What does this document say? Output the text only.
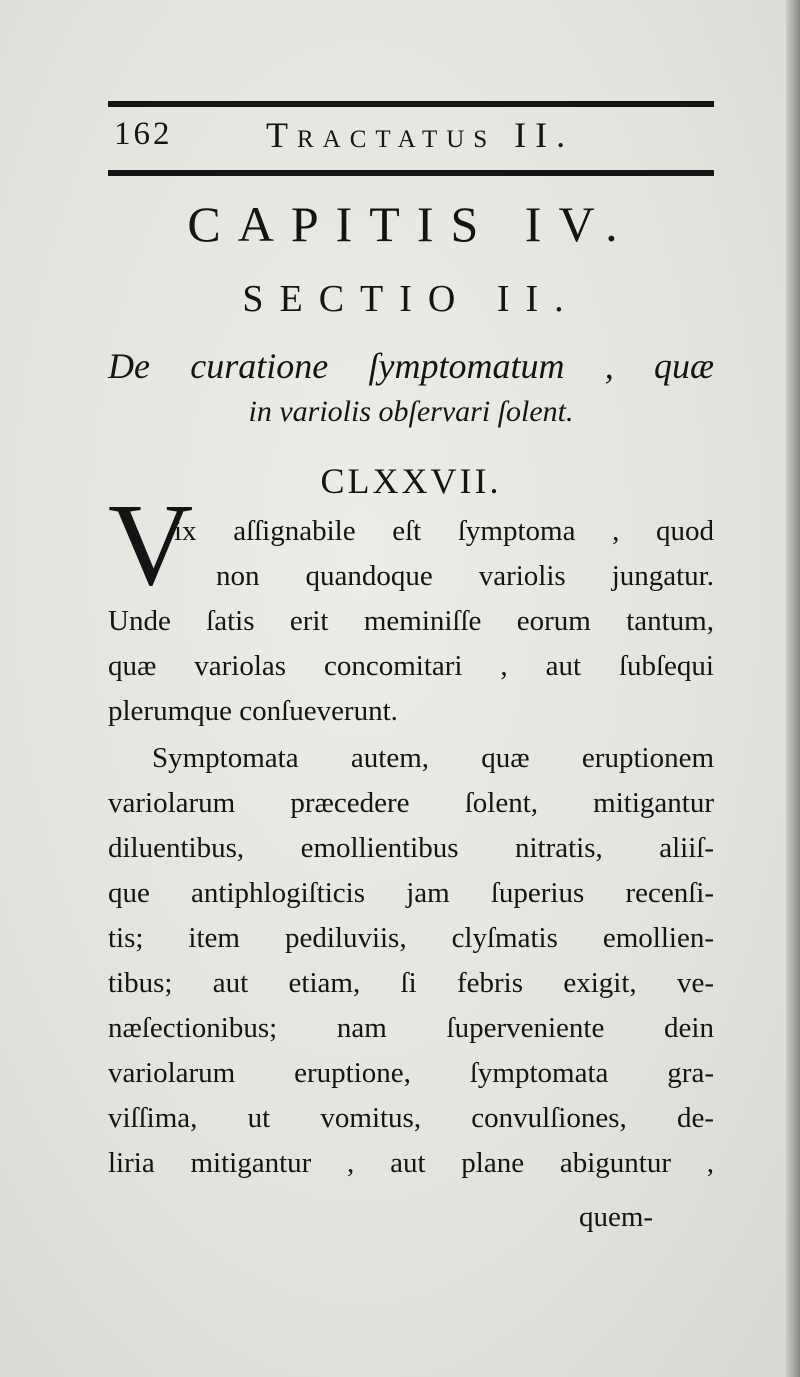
162	Tractatus II.
CAPITIS IV.
SECTIO II.
De curatione ſymptomatum , quæ
in variolis obſervari ſolent.
CLXXVII.
V
ix aſſignabile eſt ſymptoma , quod
non quandoque variolis jungatur.
Unde ſatis erit meminiſſe eorum tantum,
quæ variolas concomitari , aut ſubſequi
plerumque conſueverunt.
Symptomata autem, quæ eruptionem
variolarum præcedere ſolent, mitigantur
diluentibus, emollientibus nitratis, aliiſ-
que antiphlogiſticis jam ſuperius recenſi-
tis; item pediluviis, clyſmatis emollien-
tibus; aut etiam, ſi febris exigit, ve-
næſectionibus; nam ſuperveniente dein
variolarum eruptione, ſymptomata gra-
viſſima, ut vomitus, convulſiones, de-
liria mitigantur , aut plane abiguntur ,
quem-
